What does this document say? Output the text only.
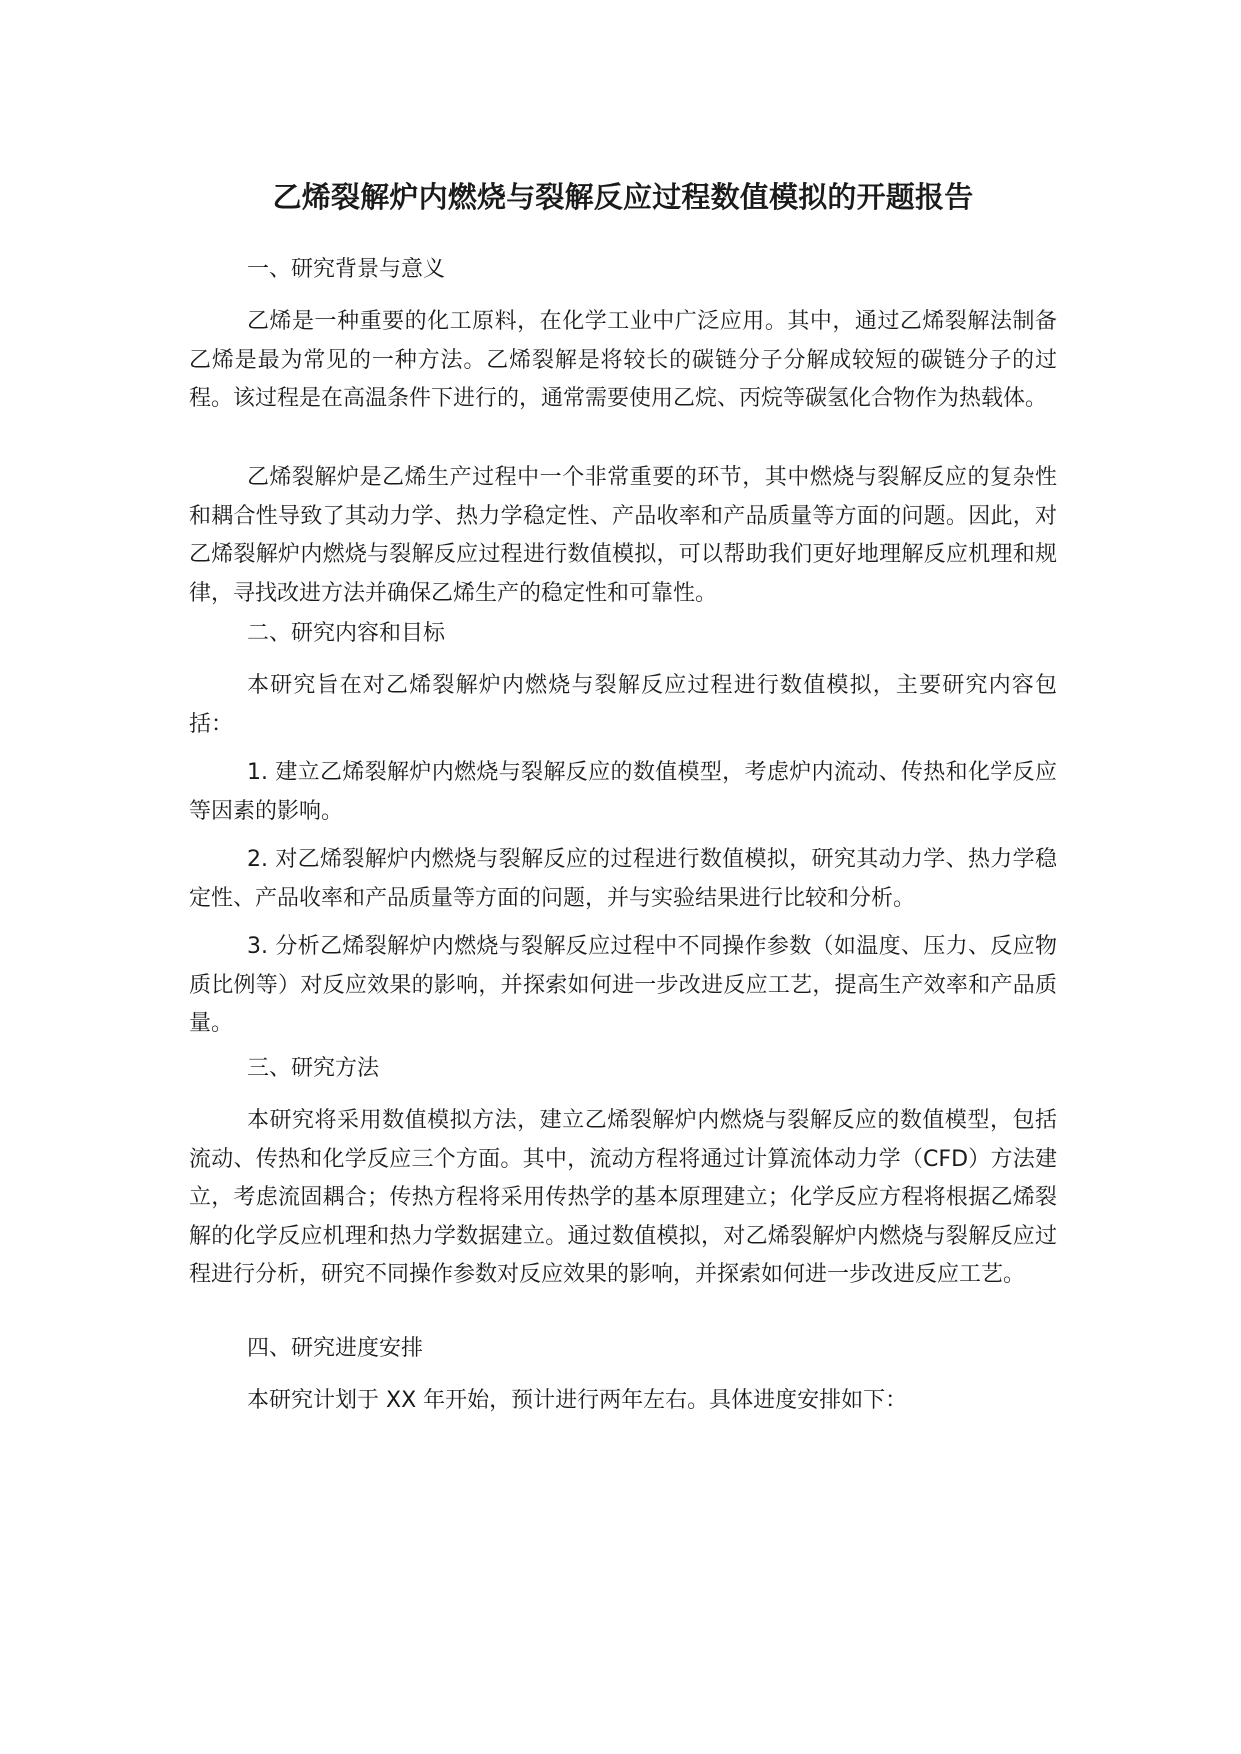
乙烯裂解炉内燃烧与裂解反应过程数值模拟的开题报告

一、研究背景与意义

乙烯是一种重要的化工原料，在化学工业中广泛应用。其中，通过乙烯裂解法制备乙烯是最为常见的一种方法。乙烯裂解是将较长的碳链分子分解成较短的碳链分子的过程。该过程是在高温条件下进行的，通常需要使用乙烷、丙烷等碳氢化合物作为热载体。

乙烯裂解炉是乙烯生产过程中一个非常重要的环节，其中燃烧与裂解反应的复杂性和耦合性导致了其动力学、热力学稳定性、产品收率和产品质量等方面的问题。因此，对乙烯裂解炉内燃烧与裂解反应过程进行数值模拟，可以帮助我们更好地理解反应机理和规律，寻找改进方法并确保乙烯生产的稳定性和可靠性。

二、研究内容和目标

本研究旨在对乙烯裂解炉内燃烧与裂解反应过程进行数值模拟，主要研究内容包括：

1. 建立乙烯裂解炉内燃烧与裂解反应的数值模型，考虑炉内流动、传热和化学反应等因素的影响。

2. 对乙烯裂解炉内燃烧与裂解反应的过程进行数值模拟，研究其动力学、热力学稳定性、产品收率和产品质量等方面的问题，并与实验结果进行比较和分析。

3. 分析乙烯裂解炉内燃烧与裂解反应过程中不同操作参数（如温度、压力、反应物质比例等）对反应效果的影响，并探索如何进一步改进反应工艺，提高生产效率和产品质量。

三、研究方法

本研究将采用数值模拟方法，建立乙烯裂解炉内燃烧与裂解反应的数值模型，包括流动、传热和化学反应三个方面。其中，流动方程将通过计算流体动力学（CFD）方法建立，考虑流固耦合；传热方程将采用传热学的基本原理建立；化学反应方程将根据乙烯裂解的化学反应机理和热力学数据建立。通过数值模拟，对乙烯裂解炉内燃烧与裂解反应过程进行分析，研究不同操作参数对反应效果的影响，并探索如何进一步改进反应工艺。

四、研究进度安排

本研究计划于 XX 年开始，预计进行两年左右。具体进度安排如下：
